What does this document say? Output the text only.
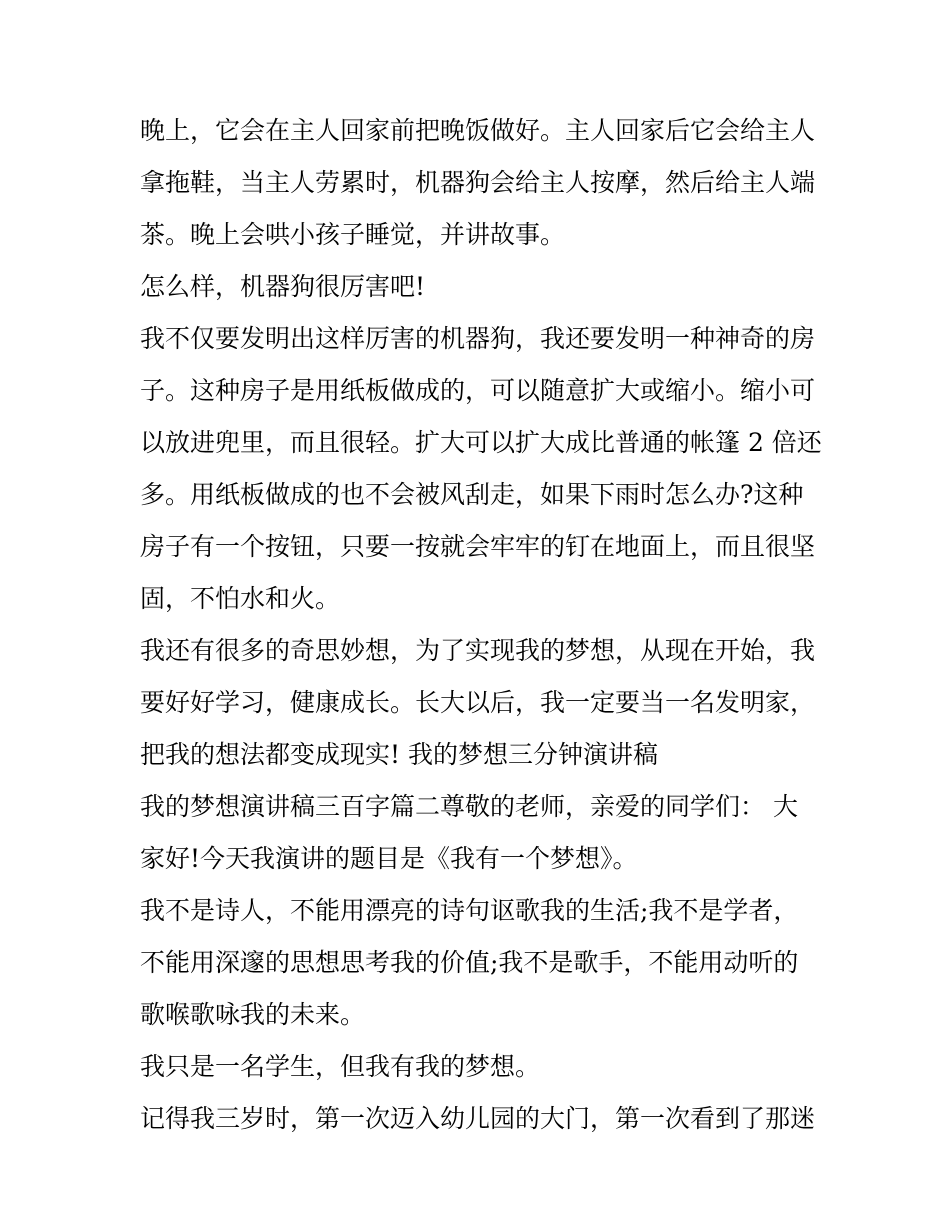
晚上，它会在主人回家前把晚饭做好。主人回家后它会给主人
拿拖鞋，当主人劳累时，机器狗会给主人按摩，然后给主人端
茶。晚上会哄小孩子睡觉，并讲故事。
怎么样，机器狗很厉害吧!
我不仅要发明出这样厉害的机器狗，我还要发明一种神奇的房
子。这种房子是用纸板做成的，可以随意扩大或缩小。缩小可
以放进兜里，而且很轻。扩大可以扩大成比普通的帐篷 2 倍还
多。用纸板做成的也不会被风刮走，如果下雨时怎么办?这种
房子有一个按钮，只要一按就会牢牢的钉在地面上，而且很坚
固，不怕水和火。
我还有很多的奇思妙想，为了实现我的梦想，从现在开始，我
要好好学习，健康成长。长大以后，我一定要当一名发明家，
把我的想法都变成现实! 我的梦想三分钟演讲稿
我的梦想演讲稿三百字篇二尊敬的老师，亲爱的同学们： 大
家好!今天我演讲的题目是《我有一个梦想》。
我不是诗人，不能用漂亮的诗句讴歌我的生活;我不是学者，
不能用深邃的思想思考我的价值;我不是歌手，不能用动听的
歌喉歌咏我的未来。
我只是一名学生，但我有我的梦想。
记得我三岁时，第一次迈入幼儿园的大门，第一次看到了那迷
